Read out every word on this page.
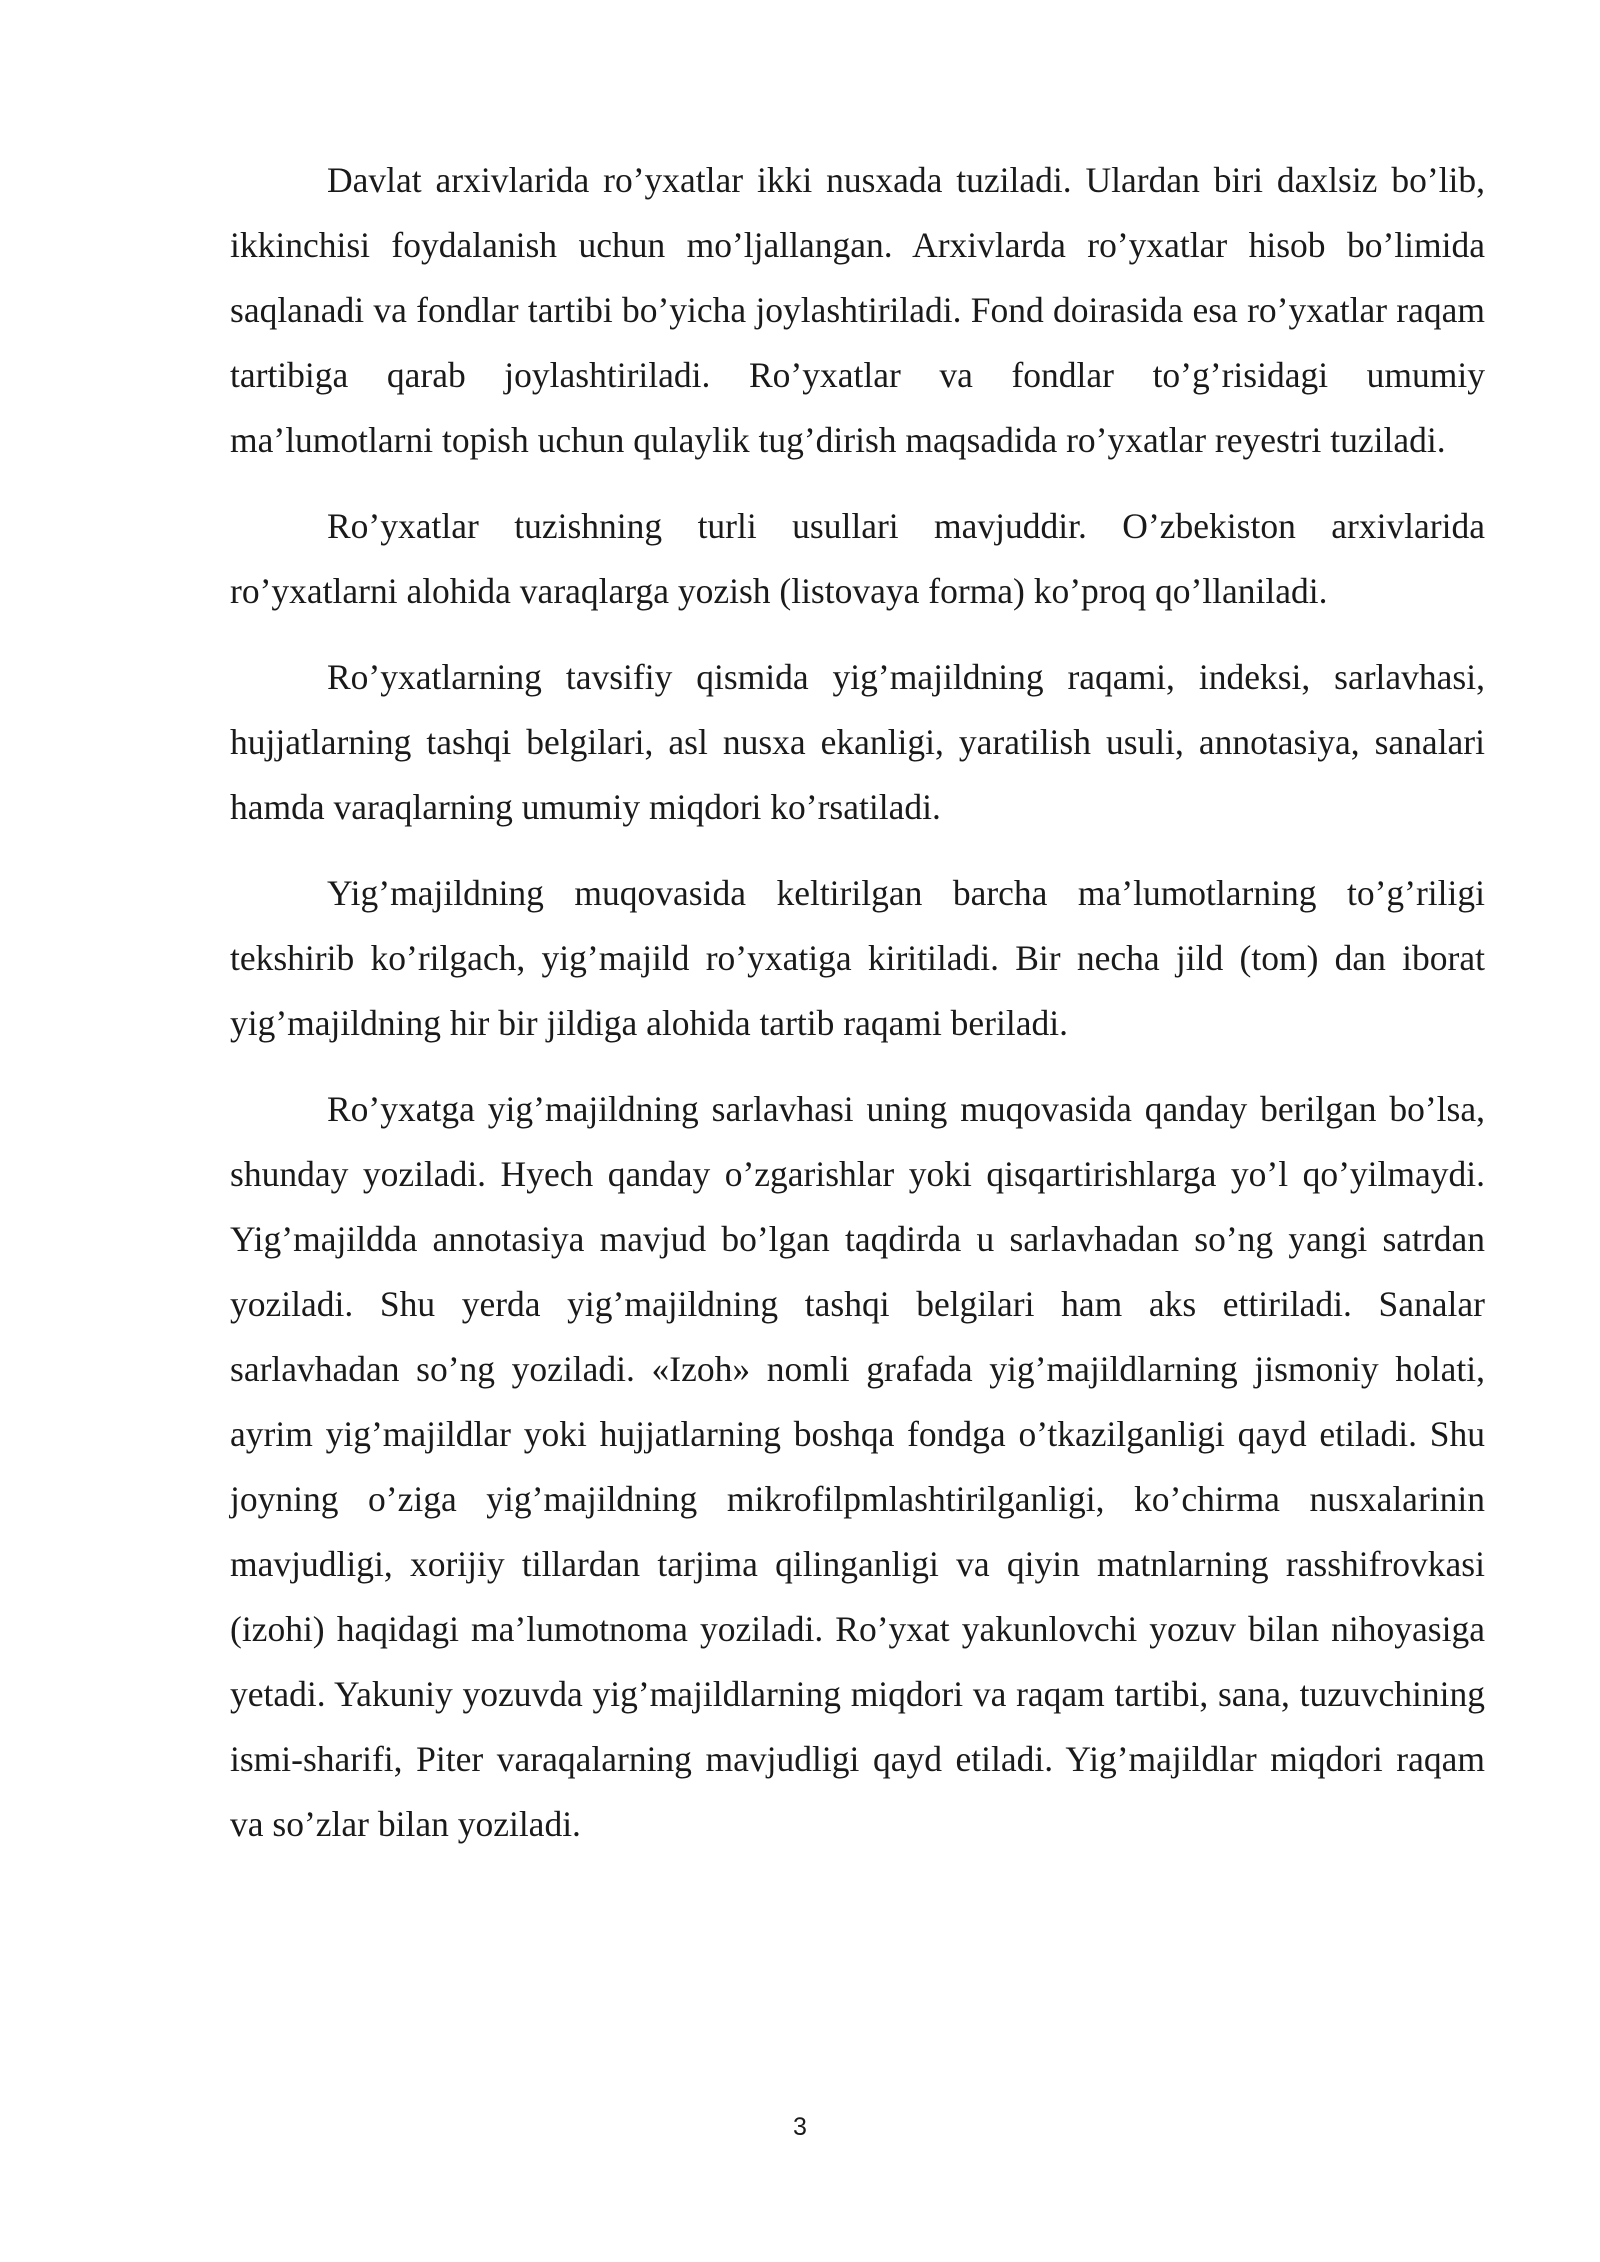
Davlat arxivlarida ro’yxatlar ikki nusxada tuziladi. Ulardan biri daxlsiz bo’lib, ikkinchisi foydalanish uchun mo’ljallangan. Arxivlarda ro’yxatlar hisob bo’limida saqlanadi va fondlar tartibi bo’yicha joylashtiriladi. Fond doirasida esa ro’yxatlar raqam tartibiga qarab joylashtiriladi. Ro’yxatlar va fondlar to’g’risidagi umumiy ma’lumotlarni topish uchun qulaylik tug’dirish maqsadida ro’yxatlar reyestri tuziladi.

Ro’yxatlar tuzishning turli usullari mavjuddir. O’zbekiston arxivlarida ro’yxatlarni alohida varaqlarga yozish (listovaya forma) ko’proq qo’llaniladi.

Ro’yxatlarning tavsifiy qismida yig’majildning raqami, indeksi, sarlavhasi, hujjatlarning tashqi belgilari, asl nusxa ekanligi, yaratilish usuli, annotasiya, sanalari hamda varaqlarning umumiy miqdori ko’rsatiladi.

Yig’majildning muqovasida keltirilgan barcha ma’lumotlarning to’g’riligi tekshirib ko’rilgach, yig’majild ro’yxatiga kiritiladi. Bir necha jild (tom) dan iborat yig’majildning hir bir jildiga alohida tartib raqami beriladi.

Ro’yxatga yig’majildning sarlavhasi uning muqovasida qanday berilgan bo’lsa, shunday yoziladi. Hyech qanday o’zgarishlar yoki qisqartirishlarga yo’l qo’yilmaydi. Yig’majildda annotasiya mavjud bo’lgan taqdirda u sarlavhadan so’ng yangi satrdan yoziladi. Shu yerda yig’majildning tashqi belgilari ham aks ettiriladi. Sanalar sarlavhadan so’ng yoziladi. «Izoh» nomli grafada yig’majildlarning jismoniy holati, ayrim yig’majildlar yoki hujjatlarning boshqa fondga o’tkazilganligi qayd etiladi. Shu joyning o’ziga yig’majildning mikrofilpmlashtirilganligi, ko’chirma nusxalarinin mavjudligi, xorijiy tillardan tarjima qilinganligi va qiyin matnlarning rasshifrovkasi (izohi) haqidagi ma’lumotnoma yoziladi. Ro’yxat yakunlovchi yozuv bilan nihoyasiga yetadi. Yakuniy yozuvda yig’majildlarning miqdori va raqam tartibi, sana, tuzuvchining ismi-sharifi, Piter varaqalarning mavjudligi qayd etiladi. Yig’majildlar miqdori raqam va so’zlar bilan yoziladi.

3
